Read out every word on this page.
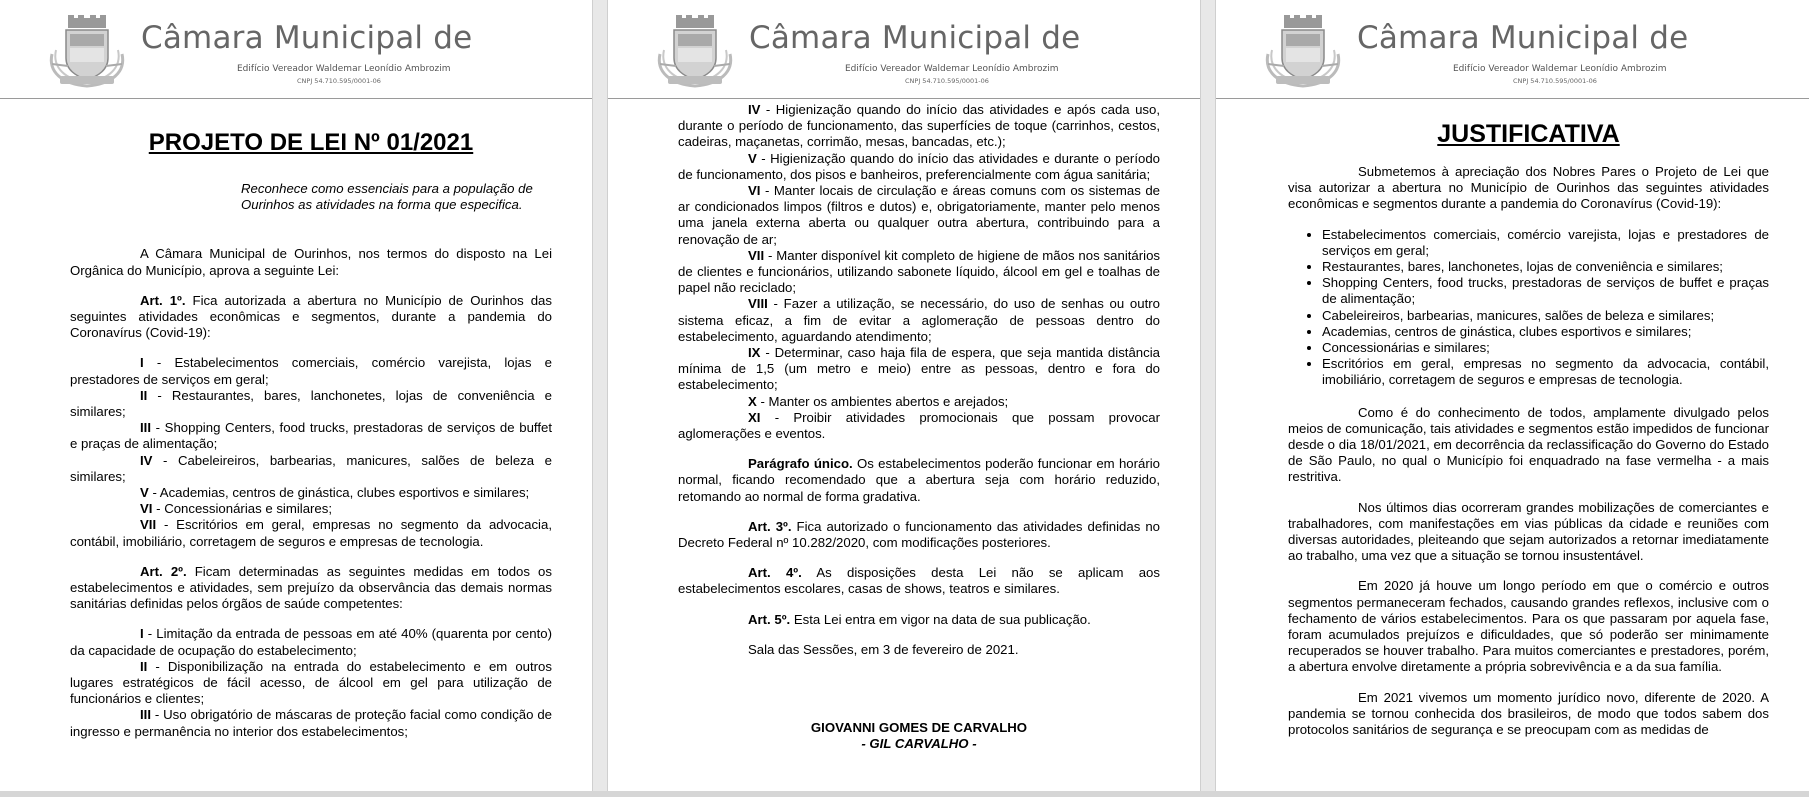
Câmara Municipal de
Edifício Vereador Waldemar Leonídio Ambrozim
CNPJ 54.710.595/0001-06

PROJETO DE LEI Nº 01/2021

Reconhece como essenciais para a população de Ourinhos as atividades na forma que especifica.

A Câmara Municipal de Ourinhos, nos termos do disposto na Lei Orgânica do Município, aprova a seguinte Lei:

Art. 1º. Fica autorizada a abertura no Município de Ourinhos das seguintes atividades econômicas e segmentos, durante a pandemia do Coronavírus (Covid-19):

I - Estabelecimentos comerciais, comércio varejista, lojas e prestadores de serviços em geral;

II - Restaurantes, bares, lanchonetes, lojas de conveniência e similares;

III - Shopping Centers, food trucks, prestadoras de serviços de buffet e praças de alimentação;

IV - Cabeleireiros, barbearias, manicures, salões de beleza e similares;

V - Academias, centros de ginástica, clubes esportivos e similares;

VI - Concessionárias e similares;

VII - Escritórios em geral, empresas no segmento da advocacia, contábil, imobiliário, corretagem de seguros e empresas de tecnologia.

Art. 2º. Ficam determinadas as seguintes medidas em todos os estabelecimentos e atividades, sem prejuízo da observância das demais normas sanitárias definidas pelos órgãos de saúde competentes:

I - Limitação da entrada de pessoas em até 40% (quarenta por cento) da capacidade de ocupação do estabelecimento;

II - Disponibilização na entrada do estabelecimento e em outros lugares estratégicos de fácil acesso, de álcool em gel para utilização de funcionários e clientes;

III - Uso obrigatório de máscaras de proteção facial como condição de ingresso e permanência no interior dos estabelecimentos;

Câmara Municipal de
Edifício Vereador Waldemar Leonídio Ambrozim
CNPJ 54.710.595/0001-06

IV - Higienização quando do início das atividades e após cada uso, durante o período de funcionamento, das superfícies de toque (carrinhos, cestos, cadeiras, maçanetas, corrimão, mesas, bancadas, etc.);

V - Higienização quando do início das atividades e durante o período de funcionamento, dos pisos e banheiros, preferencialmente com água sanitária;

VI - Manter locais de circulação e áreas comuns com os sistemas de ar condicionados limpos (filtros e dutos) e, obrigatoriamente, manter pelo menos uma janela externa aberta ou qualquer outra abertura, contribuindo para a renovação de ar;

VII - Manter disponível kit completo de higiene de mãos nos sanitários de clientes e funcionários, utilizando sabonete líquido, álcool em gel e toalhas de papel não reciclado;

VIII - Fazer a utilização, se necessário, do uso de senhas ou outro sistema eficaz, a fim de evitar a aglomeração de pessoas dentro do estabelecimento, aguardando atendimento;

IX - Determinar, caso haja fila de espera, que seja mantida distância mínima de 1,5 (um metro e meio) entre as pessoas, dentro e fora do estabelecimento;

X - Manter os ambientes abertos e arejados;

XI - Proibir atividades promocionais que possam provocar aglomerações e eventos.

Parágrafo único. Os estabelecimentos poderão funcionar em horário normal, ficando recomendado que a abertura seja com horário reduzido, retomando ao normal de forma gradativa.

Art. 3º. Fica autorizado o funcionamento das atividades definidas no Decreto Federal nº 10.282/2020, com modificações posteriores.

Art. 4º. As disposições desta Lei não se aplicam aos estabelecimentos escolares, casas de shows, teatros e similares.

Art. 5º. Esta Lei entra em vigor na data de sua publicação.

Sala das Sessões, em 3 de fevereiro de 2021.

GIOVANNI GOMES DE CARVALHO

- GIL CARVALHO -

Câmara Municipal de
Edifício Vereador Waldemar Leonídio Ambrozim
CNPJ 54.710.595/0001-06

JUSTIFICATIVA

Submetemos à apreciação dos Nobres Pares o Projeto de Lei que visa autorizar a abertura no Município de Ourinhos das seguintes atividades econômicas e segmentos durante a pandemia do Coronavírus (Covid-19):

• Estabelecimentos comerciais, comércio varejista, lojas e prestadores de serviços em geral;
• Restaurantes, bares, lanchonetes, lojas de conveniência e similares;
• Shopping Centers, food trucks, prestadoras de serviços de buffet e praças de alimentação;
• Cabeleireiros, barbearias, manicures, salões de beleza e similares;
• Academias, centros de ginástica, clubes esportivos e similares;
• Concessionárias e similares;
• Escritórios em geral, empresas no segmento da advocacia, contábil, imobiliário, corretagem de seguros e empresas de tecnologia.

Como é do conhecimento de todos, amplamente divulgado pelos meios de comunicação, tais atividades e segmentos estão impedidos de funcionar desde o dia 18/01/2021, em decorrência da reclassificação do Governo do Estado de São Paulo, no qual o Município foi enquadrado na fase vermelha - a mais restritiva.

Nos últimos dias ocorreram grandes mobilizações de comerciantes e trabalhadores, com manifestações em vias públicas da cidade e reuniões com diversas autoridades, pleiteando que sejam autorizados a retornar imediatamente ao trabalho, uma vez que a situação se tornou insustentável.

Em 2020 já houve um longo período em que o comércio e outros segmentos permaneceram fechados, causando grandes reflexos, inclusive com o fechamento de vários estabelecimentos. Para os que passaram por aquela fase, foram acumulados prejuízos e dificuldades, que só poderão ser minimamente recuperados se houver trabalho. Para muitos comerciantes e prestadores, porém, a abertura envolve diretamente a própria sobrevivência e a da sua família.

Em 2021 vivemos um momento jurídico novo, diferente de 2020. A pandemia se tornou conhecida dos brasileiros, de modo que todos sabem dos protocolos sanitários de segurança e se preocupam com as medidas de
